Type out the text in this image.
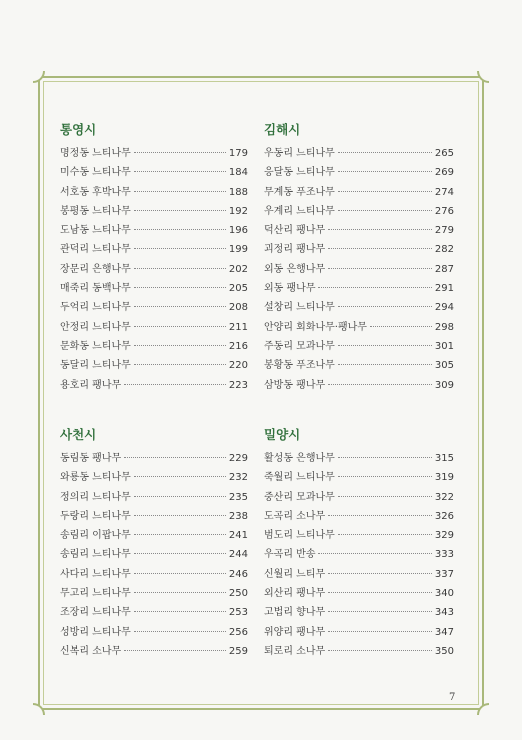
통영시
명정동 느티나무	179
미수동 느티나무	184
서호동 후박나무	188
봉평동 느티나무	192
도남동 느티나무	196
관덕리 느티나무	199
장문리 은행나무	202
매죽리 동백나무	205
두억리 느티나무	208
안정리 느티나무	211
문화동 느티나무	216
동달리 느티나무	220
용호리 팽나무	223
김해시
우동리 느티나무	265
응달동 느티나무	269
무계동 푸조나무	274
우계리 느티나무	276
덕산리 팽나무	279
괴정리 팽나무	282
외동 은행나무	287
외동 팽나무	291
설창리 느티나무	294
안양리 회화나무·팽나무	298
주동리 모과나무	301
봉황동 푸조나무	305
삼방동 팽나무	309
사천시
동림동 팽나무	229
와룡동 느티나무	232
정의리 느티나무	235
두랑리 느티나무	238
송림리 이팝나무	241
송림리 느티나무	244
사다리 느티나무	246
무고리 느티나무	250
조장리 느티나무	253
성방리 느티나무	256
신복리 소나무	259
밀양시
활성동 은행나무	315
죽월리 느티나무	319
중산리 모과나무	322
도곡리 소나무	326
범도리 느티나무	329
우곡리 반송	333
신월리 느티무	337
외산리 팽나무	340
고법리 향나무	343
위양리 팽나무	347
퇴로리 소나무	350
7
